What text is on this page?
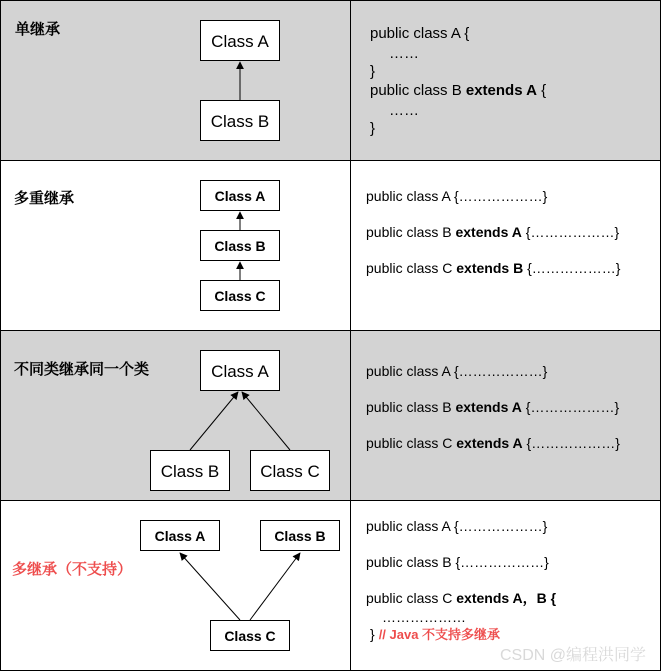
单继承
Class A
Class B
public class A {
……
}
public class B extends A {
……
}
多重继承	Class A
Class B
Class C
public class A {………………}
public class B extends A {………………}
public class C extends B {………………}
不同类继承同一个类	Class A
Class B Class C
public class A {………………}
public class B extends A {………………}
public class C extends A {………………}
多继承（不支持）
Class A	Class B
Class C
public class A {………………}
public class B {………………}
public class C extends A，B {
………………
} // Java 不支持多继承
CSDN @编程洪同学
